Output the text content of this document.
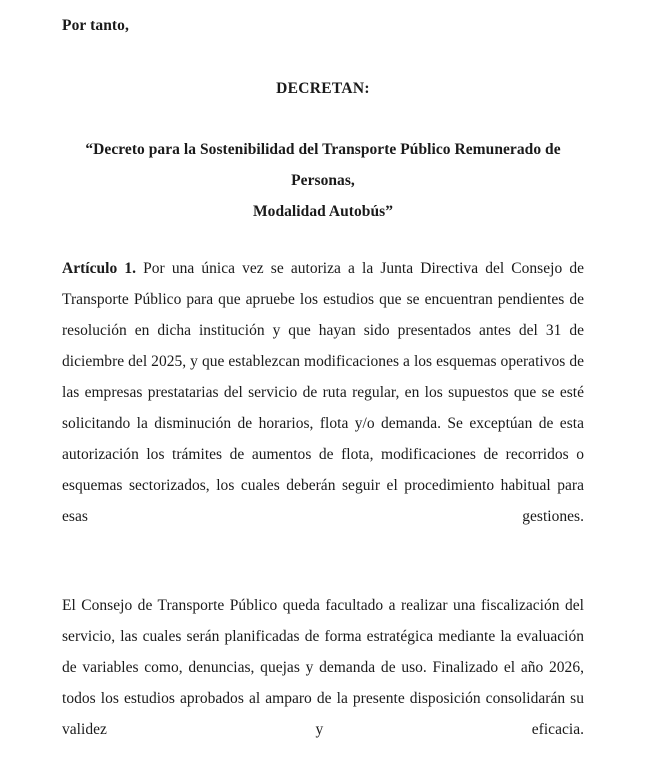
Por tanto,

DECRETAN:

“Decreto para la Sostenibilidad del Transporte Público Remunerado de Personas,
Modalidad Autobús”

Artículo 1. Por una única vez se autoriza a la Junta Directiva del Consejo de Transporte Público para que apruebe los estudios que se encuentran pendientes de resolución en dicha institución y que hayan sido presentados antes del 31 de diciembre del 2025, y que establezcan modificaciones a los esquemas operativos de las empresas prestatarias del servicio de ruta regular, en los supuestos que se esté solicitando la disminución de horarios, flota y/o demanda. Se exceptúan de esta autorización los trámites de aumentos de flota, modificaciones de recorridos o esquemas sectorizados, los cuales deberán seguir el procedimiento habitual para esas gestiones.

El Consejo de Transporte Público queda facultado a realizar una fiscalización del servicio, las cuales serán planificadas de forma estratégica mediante la evaluación de variables como, denuncias, quejas y demanda de uso. Finalizado el año 2026, todos los estudios aprobados al amparo de la presente disposición consolidarán su validez y eficacia.
